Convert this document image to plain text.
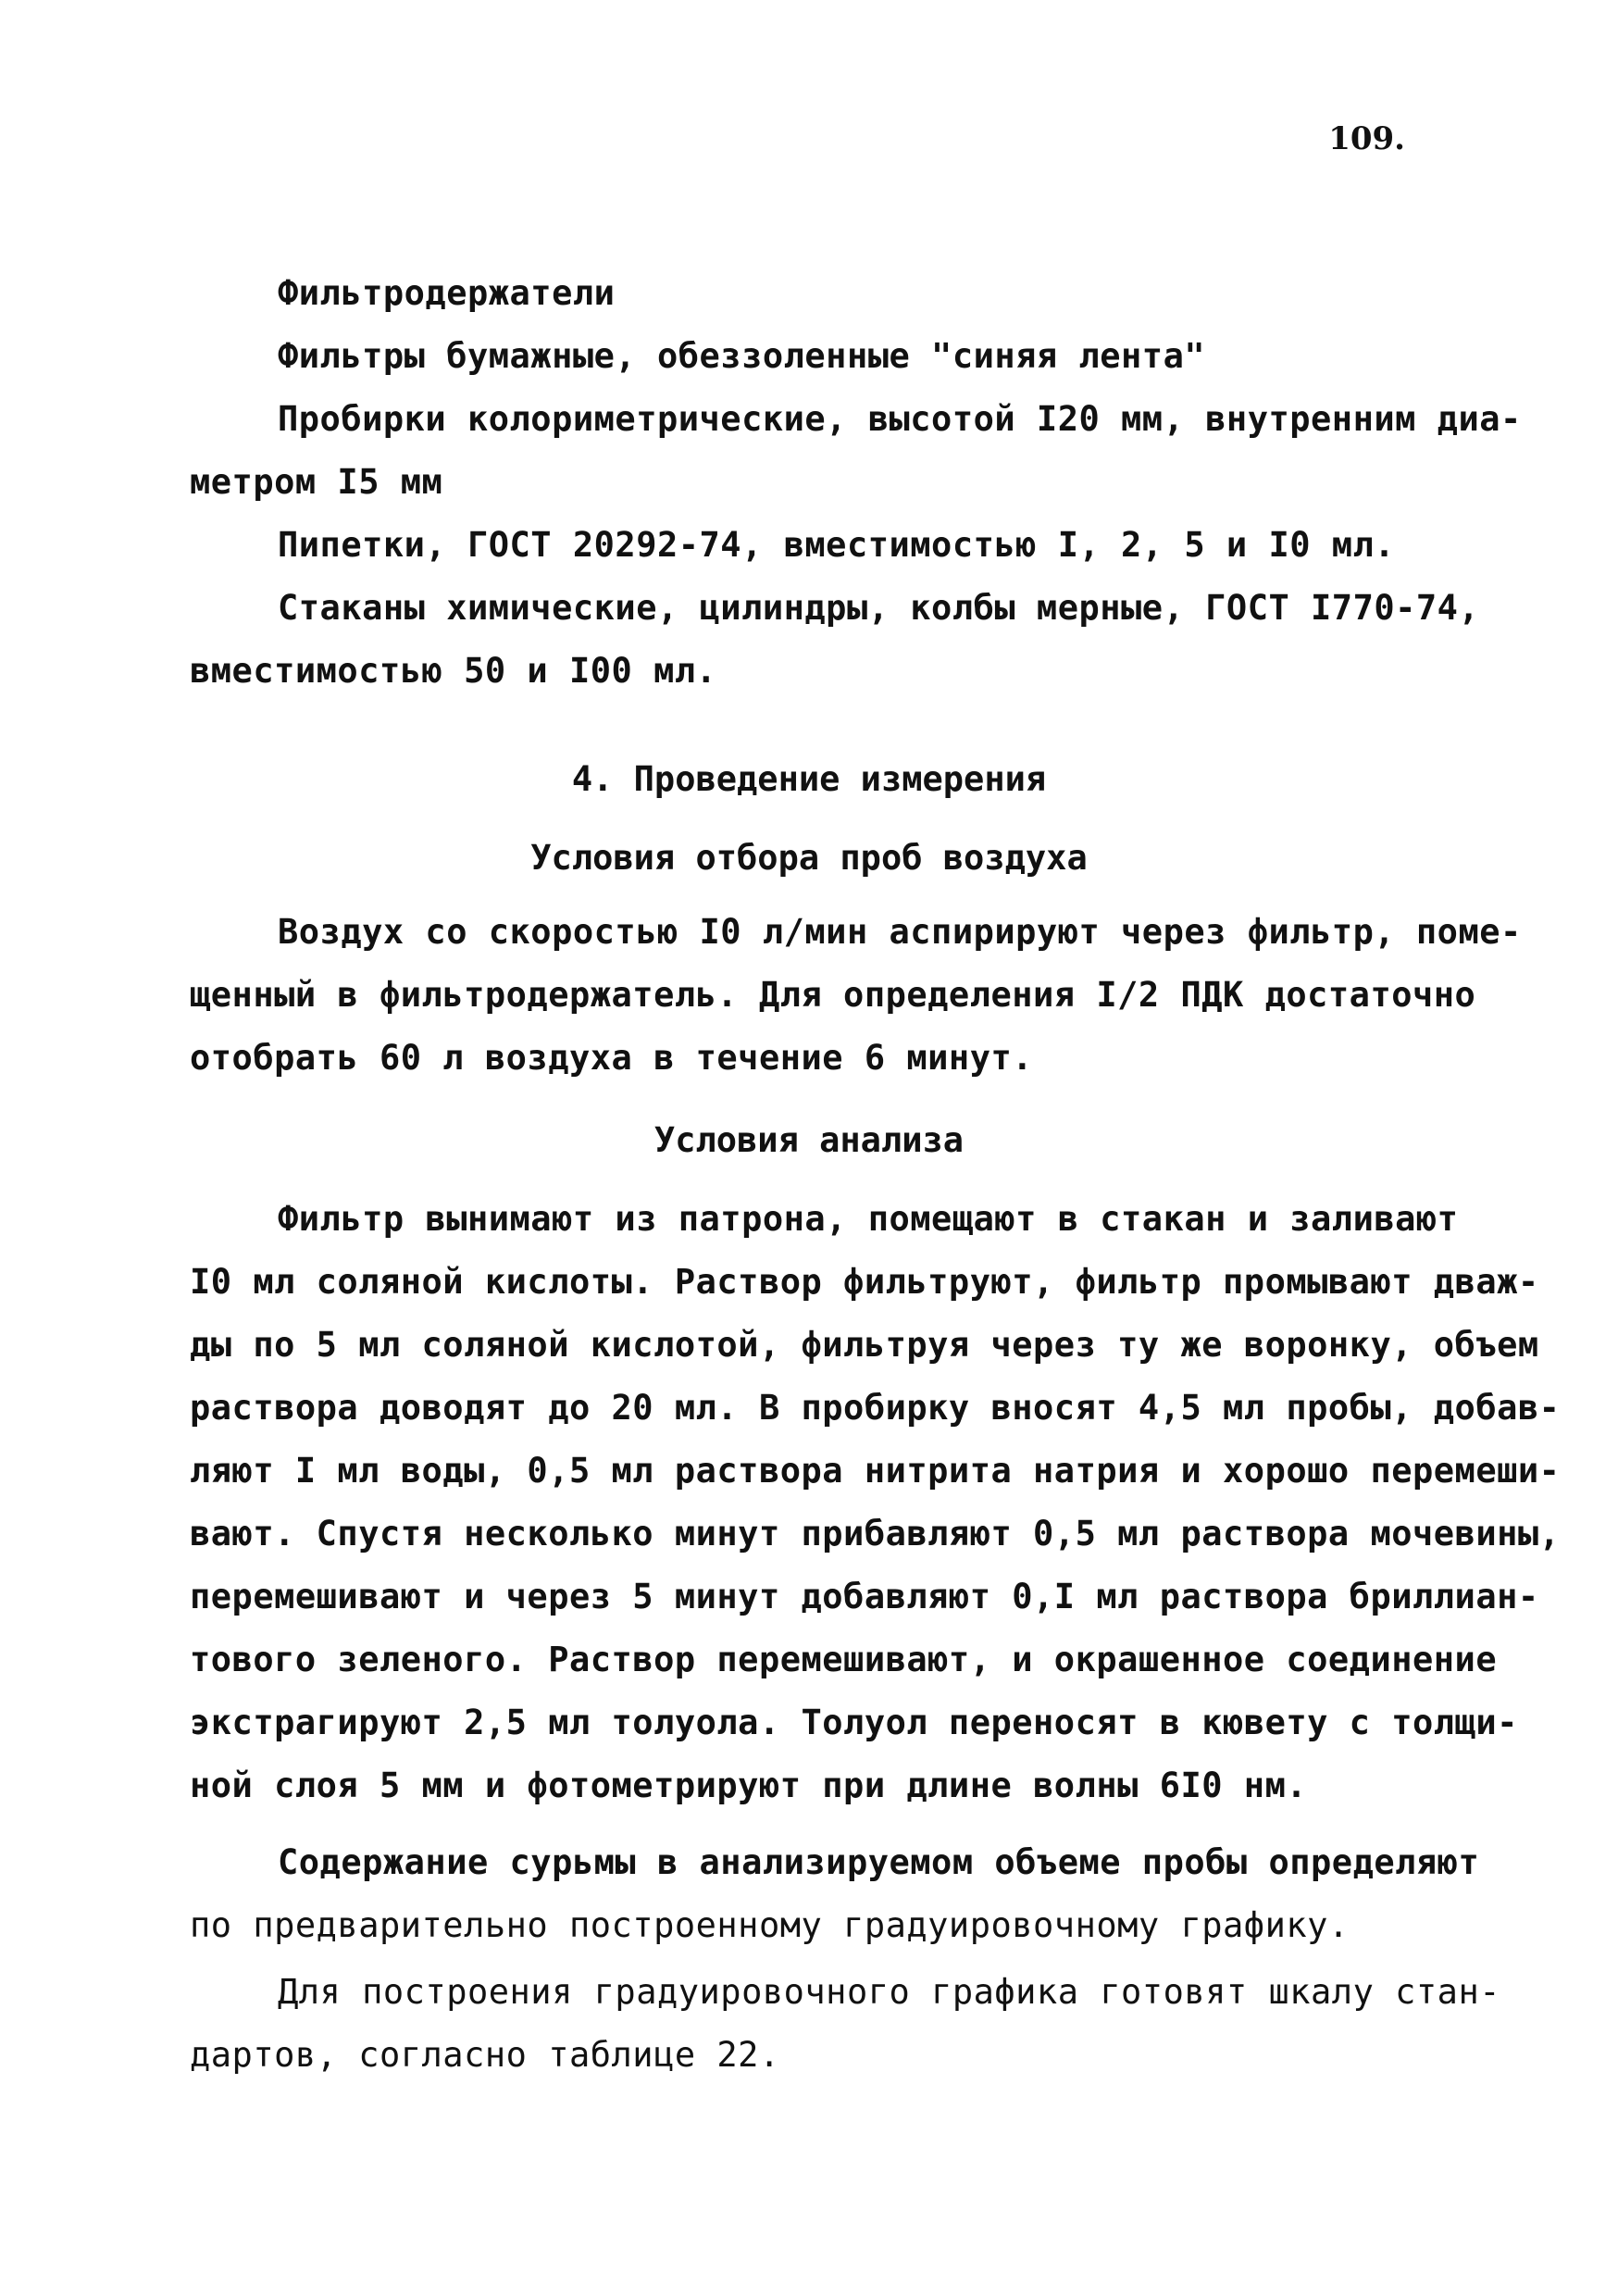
109.
Фильтродержатели
Фильтры бумажные, обеззоленные "синяя лента"
Пробирки колориметрические, высотой I20 мм, внутренним диа-
метром I5 мм
Пипетки, ГОСТ 20292-74, вместимостью I, 2, 5 и I0 мл.
Стаканы химические, цилиндры, колбы мерные, ГОСТ I770-74,
вместимостью 50 и I00 мл.
4. Проведение измерения
Условия отбора проб воздуха
Воздух со скоростью I0 л/мин аспирируют через фильтр, поме-
щенный в фильтродержатель. Для определения I/2 ПДК достаточно
отобрать 60 л воздуха в течение 6 минут.
Условия анализа
Фильтр вынимают из патрона, помещают в стакан и заливают
I0 мл соляной кислоты. Раствор фильтруют, фильтр промывают дваж-
ды по 5 мл соляной кислотой, фильтруя через ту же воронку, объем
раствора доводят до 20 мл. В пробирку вносят 4,5 мл пробы, добав-
ляют I мл воды, 0,5 мл раствора нитрита натрия и хорошо перемеши-
вают. Спустя несколько минут прибавляют 0,5 мл раствора мочевины,
перемешивают и через 5 минут добавляют 0,I мл раствора бриллиан-
тового зеленого. Раствор перемешивают, и окрашенное соединение
экстрагируют 2,5 мл толуола. Толуол переносят в кювету с толщи-
ной слоя 5 мм и фотометрируют при длине волны 6I0 нм.
Содержание сурьмы в анализируемом объеме пробы определяют
по предварительно построенному градуировочному графику.
Для построения градуировочного графика готовят шкалу стан-
дартов, согласно таблице 22.
